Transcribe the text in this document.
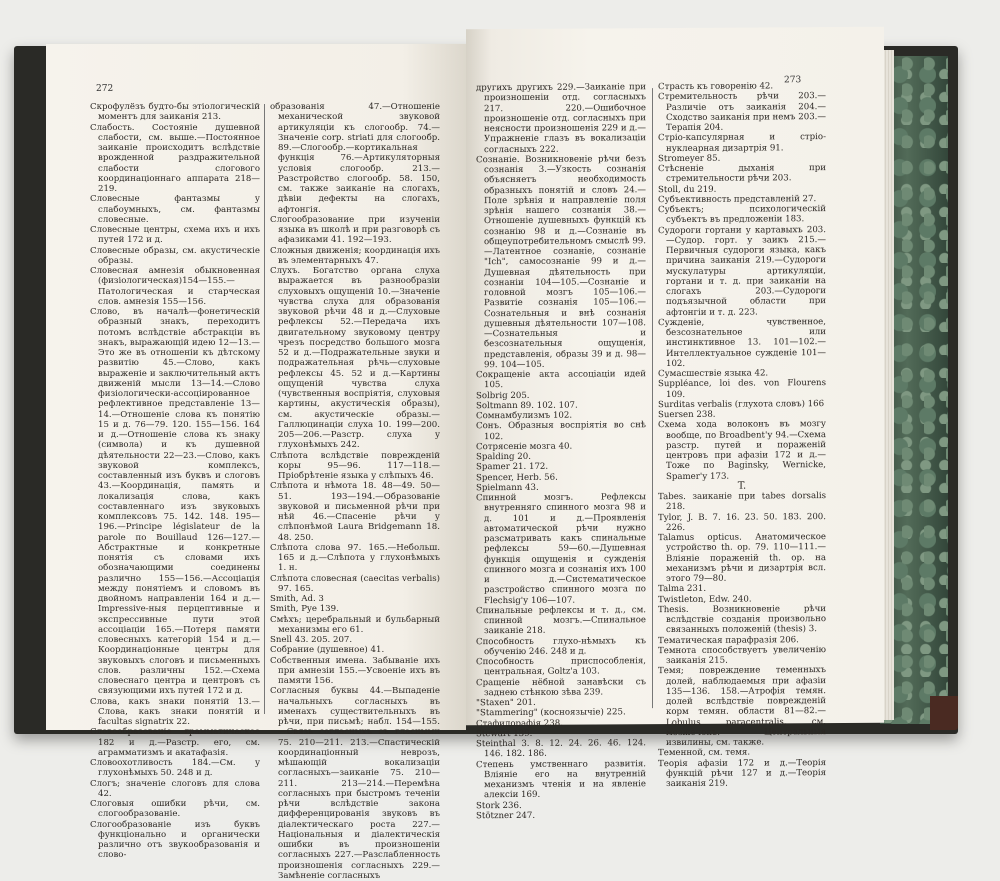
272

Скрофулёзъ будто-бы этіологическій моментъ для заиканія 213.

Слабость. Состояніе душевной слабости, см. выше.—Постоянное заиканіе происходитъ вслѣдствіе врожденной раздражительной слабости слогового координаціоннаго аппарата 218—219.

Словесные фантазмы у слабоумныхъ, см. фантазмы словесные.

Словесные центры, схема ихъ и ихъ путей 172 и д.

Словесные образы, см. акустическіе образы.

Словесная амнезія обыкновенная (физіологическая)154—155.—Патологическая и старческая слов. амнезія 155—156.

Слово, въ началѣ—фонетическій образный знакъ, переходитъ потомъ вслѣдствіе абстракціи въ знакъ, выражающій идею 12—13.—Это же въ отношеніи къ дѣтскому развитію 45.—Слово, какъ выраженіе и заключительный актъ движеній мысли 13—14.—Слово физіологически-ассоціированное рефлективное представленіе 13—14.—Отношеніе слова къ понятію 15 и д. 76—79. 120. 155—156. 164 и д.—Отношеніе слова къ знаку (символа) и къ душевной дѣятельности 22—23.—Слово, какъ звуковой комплексъ, составленный изъ буквъ и слоговъ 43.—Координація, память и локализація слова, какъ составленнаго изъ звуковыхъ комплексовъ 75. 142. 148. 195—196.—Principe législateur de la parole по Bouillaud 126—127.—Абстрактные и конкретные понятія съ словами ихъ обозначающими соединены различно 155—156.—Ассоціація между понятіемъ и словомъ въ двойномъ направленіи 164 и д.—Impressive-ныя перцептивные и экспрессивные пути этой ассоціаціи 165.—Потеря памяти словесныхъ категорій 154 и д.—Координаціонные центры для звуковыхъ слоговъ и письменныхъ слов. различны 152.—Схема словеснаго центра и центровъ съ связующими ихъ путей 172 и д.

Слова, какъ знаки понятій 13.—Слова, какъ знаки понятій и facultas signatrix 22.

Словообразованіе грамматическое 182 и д.—Разстр. его, см. аграмматизмъ и акатафазія.

Словоохотливость 184.—См. у глухонѣмыхъ 50. 248 и д.

Слогъ; значеніе слоговъ для слова 42.

Слоговыя ошибки рѣчи, см. слогообразованіе.

Слогообразованіе изъ буквъ функціонально и органически различно отъ звукообразованія и слово-

образованія 47.—Отношеніе механической звуковой артикуляціи къ слогообр. 74.—Значеніе corp. striati для слогообр. 89.—Слогообр.—кортикальная функція 76.—Артикуляторныя условія слогообр. 213.—Разстройство слогообр. 58. 150, см. также заиканіе на слогахъ, дѣвіи дефекты на слогахъ, афтонгія.

Слогообразование при изученіи языка въ школѣ и при разговорѣ съ афазиками 41. 192—193.

Сложныя движенія; координація ихъ въ элементарныхъ 47.

Слухъ. Богатство органа слуха выражается въ разнообразіи слуховыхъ ощущеній 10.—Значеніе чувства слуха для образованія звуковой рѣчи 48 и д.—Слуховые рефлексы 52.—Передача ихъ двигательному звуковому центру чрезъ посредство большого мозга 52 и д.—Подражательные звуки и подражательная рѣчь—слуховые рефлексы 45. 52 и д.—Картины ощущеній чувства слуха (чувственныя воспріятія, слуховыя картины, акустическія образы), см. акустическіе образы.—Галлюцинаціи слуха 10. 199—200. 205—206.—Разстр. слуха у глухонѣмыхъ 242.

Слѣпота вслѣдствіе поврежденій коры 95—96. 117—118.—Пріобрѣтеніе языка у слѣпыхъ 46.

Слѣпота и нѣмота 18. 48—49. 50—51. 193—194.—Образованіе звуковой и письменной рѣчи при нѣй 46.—Спасеніе рѣчи у слѣпонѣмой Laura Bridgemann 18. 48. 250.

Слѣпота слова 97. 165.—Небольш. 165 и д.—Слѣпота у глухонѣмыхъ 1. н.

Слѣпота словесная (caecitas verbalis) 97. 165.

Smith, Ad. 3

Smith, Pye 139.

Смѣхъ; церебральный и бульбарный механизмы его 61.

Snell 43. 205. 207.

Собрание (душевное) 41.

Собственныя имена. Забываніе ихъ при амнезіи 155.—Усвоеніе ихъ въ памяти 156.

Согласныя буквы 44.—Выпаденіе начальныхъ согласныхъ въ именахъ существительныхъ въ рѣчи, при письмѣ; набл. 154—155.—Связь согласныхъ съ гласными 75. 210—211. 213.—Спастическій координаціонный неврозъ, мѣшающій вокализаціи согласныхъ—заиканіе 75. 210—211. 213—214.—Перемѣна согласныхъ при быстромъ теченіи рѣчи вслѣдствіе закона дифференцированія звуковъ въ діалектическаго роста 227.—Національныя и діалектическія ошибки въ произношеніи согласныхъ 227.—Разслабленность произношенія согласныхъ 229.—Замѣненіе согласныхъ

273

другихъ другихъ 229.—Заиканіе при произношеніи отд. согласныхъ 217. 220.—Ошибочное произношеніе отд. согласныхъ при неясности произношенія 229 и д.—Упражненіе глазъ въ вокализаціи согласныхъ 222.

Сознаніе. Возникновеніе рѣчи безъ сознанія 3.—Узкость сознанія объясняетъ необходимость образныхъ понятій и словъ 24.—Поле зрѣнія и направленіе поля зрѣнія нашего сознанія 38.—Отношеніе душевныхъ функцій къ сознанію 98 и д.—Сознаніе въ общеупотребительномъ смыслѣ 99.—Латентное сознаніе, сознаніе "Ich", самосознаніе 99 и д.—Душевная дѣятельность при сознаніи 104—105.—Сознаніе и головной мозгъ 105—106.—Развитіе сознанія 105—106.—Сознательныя и внѣ сознанія душевныя дѣятельности 107—108.—Сознательныя и безсознательныя ощущенія, представленія, образы 39 и д. 98—99. 104—105.

Сокращеніе акта ассоціаціи идей 105.

Solbrig 205.

Soltmann 89. 102. 107.

Сомнамбулизмъ 102.

Сонъ. Образныя воспріятія во снѣ 102.

Сотрясеніе мозга 40.

Spalding 20.

Spamer 21. 172.

Spencer, Herb. 56.

Spielmann 43.

Спинной мозгъ. Рефлексы внутренняго спинного мозга 98 и д. 101 и д.—Проявленія автоматической рѣчи нужно разсматривать какъ спинальные рефлексы 59—60.—Душевная функція ощущенія и сужденія спинного мозга и сознанія ихъ 100 и д.—Систематическое разстройство спинного мозга по Flechsig'у 106—107.

Спинальные рефлексы и т. д., см. спинной мозгъ.—Спинальное заиканіе 218.

Способность глухо-нѣмыхъ къ обученію 246. 248 и д.

Способность приспособленія, центральная, Goltz'а 103.

Сращеніе нёбной занавѣски съ заднею стѣнкою зѣва 239.

"Staxen" 201.

"Stammering" (косноязычіе) 225.

Стафилорафія 238.

Stewart 139.

Steinthal 3. 8. 12. 24. 26. 46. 124. 146. 182. 186.

Степень умственнаго развитія. Вліяніе его на внутренній механизмъ чтенія и на явленіе алексіи 169.

Stork 236.

Stötzner 247.

Страсть къ говоренію 42.

Стремительность рѣчи 203.—Различіе отъ заиканія 204.—Сходство заиканія при немъ 203.—Терапія 204.

Стріо-капсулярная и стріо-нуклеарная дизартрія 91.

Stromeyer 85.

Стѣсненіе дыханія при стремительности рѣчи 203.

Stoll, du 219.

Субъективность представленій 27.

Субъектъ; психологическій субъектъ въ предложеніи 183.

Судороги гортани у картавыхъ 203.—Судор. горт. у заикъ 215.—Первичныя судороги языка, какъ причина заиканія 219.—Судороги мускулатуры артикуляціи, гортани и т. д. при заиканіи на слогахъ 203.—Судороги подъязычной области при афтонгіи и т. д. 223.

Сужденіе, чувственное, безсознательное или инстинктивное 13. 101—102.—Интеллектуальное сужденіе 101—102.

Сумасшествіе языка 42.

Suppléance, loi des. von Flourens 109.

Surditas verbalis (глухота словъ) 166

Suersen 238.

Схема хода волоконъ въ мозгу вообще, по Broadbent'у 94.—Схема разстр. путей и пораженій центровъ при афазіи 172 и д.—Тоже по Baginsky, Wernicke, Spamer'у 173.

T.

Tabes. заиканіе при tabes dorsalis 218.

Tylor, J. B. 7. 16. 23. 50. 183. 200. 226.

Talamus opticus. Анатомическое устройство th. op. 79. 110—111.—Вліяніе пораженій th. op. на механизмъ рѣчи и дизартрія всл. этого 79—80.

Talma 231.

Twistleton, Edw. 240.

Thesis. Возникновеніе рѣчи вслѣдствіе созданія произвольно связанныхъ положеній (thesis) 3.

Тематическая парафразія 206.

Темнота способствуетъ увеличенію заиканія 215.

Темя; повреждение теменныхъ долей, наблюдаемыя при афазіи 135—136. 158.—Атрофія темян. долей вслѣдствіе поврежденій корм темян. области 81—82.—Lobulus paracentralis, см. мозжечокъ. Центральныя извилины, см. также.

Теменной, см. темя.

Теорія афазіи 172 и д.—Теорія функцій рѣчи 127 и д.—Теорія заиканія 219.
